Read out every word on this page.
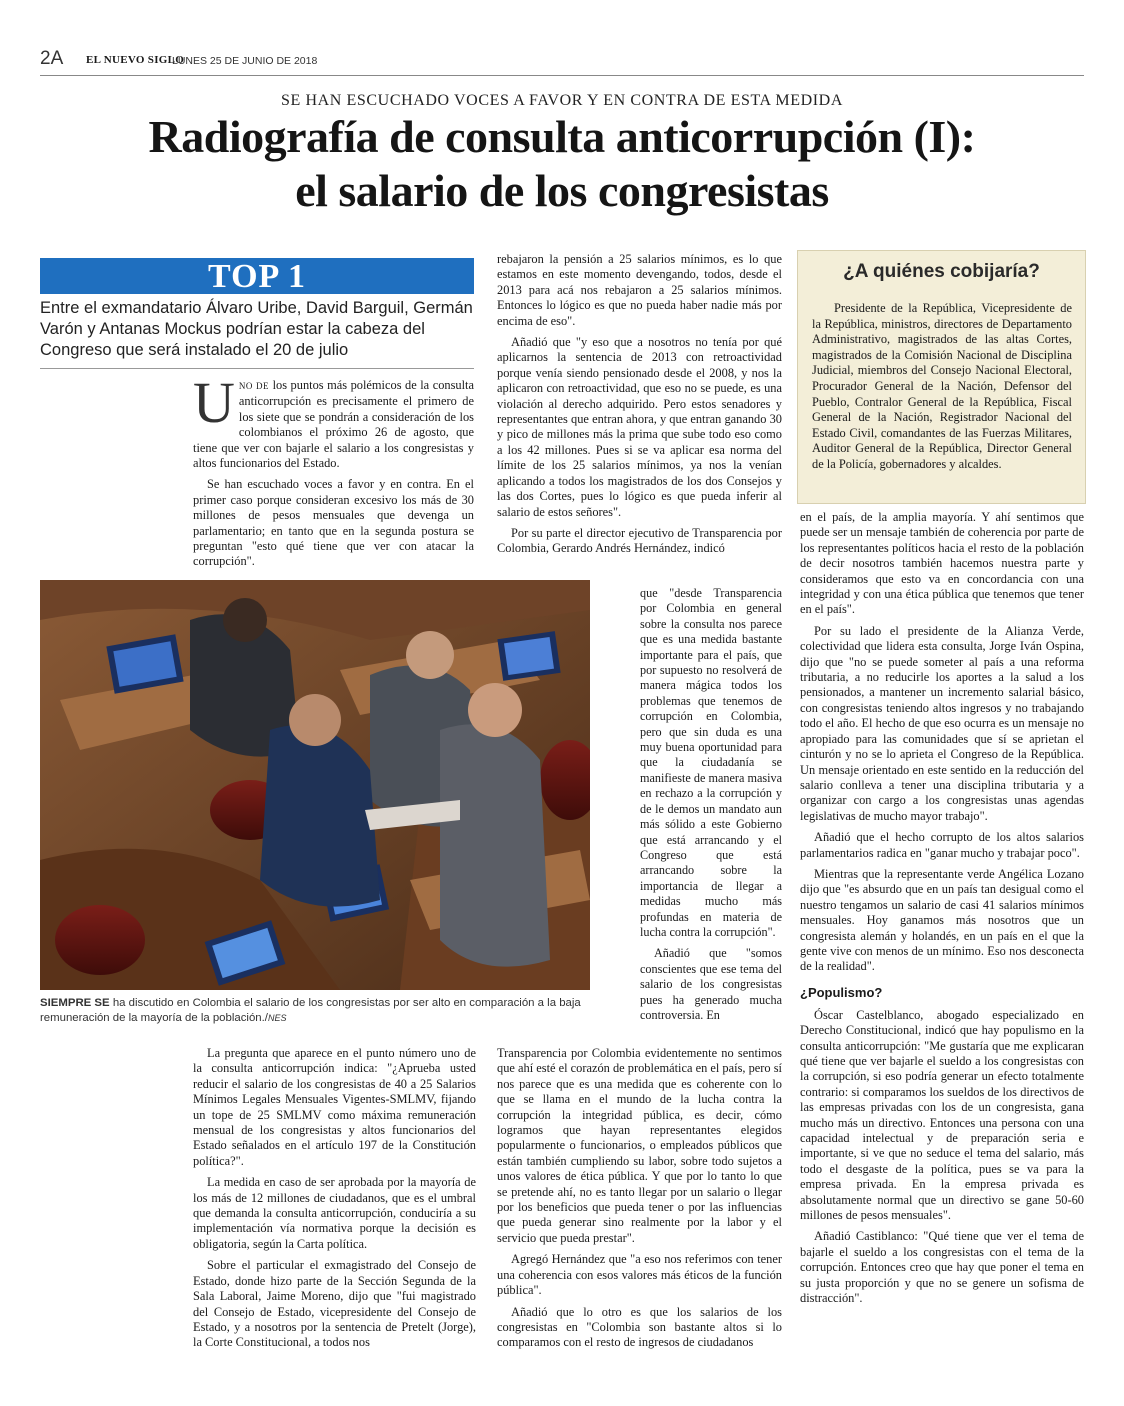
2A EL NUEVO SIGLO
LUNES 25 DE JUNIO DE 2018
SE HAN ESCUCHADO VOCES A FAVOR Y EN CONTRA DE ESTA MEDIDA
Radiografía de consulta anticorrupción (I):
el salario de los congresistas
TOP 1
Entre el exmandatario Álvaro Uribe, David Barguil, Germán Varón y Antanas Mockus podrían estar la cabeza del Congreso que será instalado el 20 de julio

UNO DE los puntos más polémicos de la consulta anticorrupción es precisamente el primero de los siete que se pondrán a consideración de los colombianos el próximo 26 de agosto, que tiene que ver con bajarle el salario a los congresistas y altos funcionarios del Estado.

Se han escuchado voces a favor y en contra. En el primer caso porque consideran excesivo los más de 30 millones de pesos mensuales que devenga un parlamentario; en tanto que en la segunda postura se preguntan "esto qué tiene que ver con atacar la corrupción".

rebajaron la pensión a 25 salarios mínimos, es lo que estamos en este momento devengando, todos, desde el 2013 para acá nos rebajaron a 25 salarios mínimos. Entonces lo lógico es que no pueda haber nadie más por encima de eso".

Añadió que "y eso que a nosotros no tenía por qué aplicarnos la sentencia de 2013 con retroactividad porque venía siendo pensionado desde el 2008, y nos la aplicaron con retroactividad, que eso no se puede, es una violación al derecho adquirido. Pero estos senadores y representantes que entran ahora, y que entran ganando 30 y pico de millones más la prima que sube todo eso como a los 42 millones. Pues si se va aplicar esa norma del límite de los 25 salarios mínimos, ya nos la venían aplicando a todos los magistrados de los dos Consejos y las dos Cortes, pues lo lógico es que pueda inferir al salario de estos señores".

Por su parte el director ejecutivo de Transparencia por Colombia, Gerardo Andrés Hernández, indicó

que "desde Transparencia por Colombia en general sobre la consulta nos parece que es una medida bastante importante para el país, que por supuesto no resolverá de manera mágica todos los problemas que tenemos de corrupción en Colombia, pero que sin duda es una muy buena oportunidad para que la ciudadanía se manifieste de manera masiva en rechazo a la corrupción y de le demos un mandato aun más sólido a este Gobierno que está arrancando y el Congreso que está arrancando sobre la importancia de llegar a medidas mucho más profundas en materia de lucha contra la corrupción".

Añadió que "somos conscientes que ese tema del salario de los congresistas pues ha generado mucha controversia. En

¿A quiénes cobijaría?
Presidente de la República, Vicepresidente de la República, ministros, directores de Departamento Administrativo, magistrados de las altas Cortes, magistrados de la Comisión Nacional de Disciplina Judicial, miembros del Consejo Nacional Electoral, Procurador General de la Nación, Defensor del Pueblo, Contralor General de la República, Fiscal General de la Nación, Registrador Nacional del Estado Civil, comandantes de las Fuerzas Militares, Auditor General de la República, Director General de la Policía, gobernadores y alcaldes.

en el país, de la amplia mayoría. Y ahí sentimos que puede ser un mensaje también de coherencia por parte de los representantes políticos hacia el resto de la población de decir nosotros también hacemos nuestra parte y consideramos que esto va en concordancia con una integridad y con una ética pública que tenemos que tener en el país".

Por su lado el presidente de la Alianza Verde, colectividad que lidera esta consulta, Jorge Iván Ospina, dijo que "no se puede someter al país a una reforma tributaria, a no reducirle los aportes a la salud a los pensionados, a mantener un incremento salarial básico, con congresistas teniendo altos ingresos y no trabajando todo el año. El hecho de que eso ocurra es un mensaje no apropiado para las comunidades que sí se aprietan el cinturón y no se lo aprieta el Congreso de la República. Un mensaje orientado en este sentido en la reducción del salario conlleva a tener una disciplina tributaria y a organizar con cargo a los congresistas unas agendas legislativas de mucho mayor trabajo".

Añadió que el hecho corrupto de los altos salarios parlamentarios radica en "ganar mucho y trabajar poco".

Mientras que la representante verde Angélica Lozano dijo que "es absurdo que en un país tan desigual como el nuestro tengamos un salario de casi 41 salarios mínimos mensuales. Hoy ganamos más nosotros que un congresista alemán y holandés, en un país en el que la gente vive con menos de un mínimo. Eso nos desconecta de la realidad".

¿Populismo?

Óscar Castelblanco, abogado especializado en Derecho Constitucional, indicó que hay populismo en la consulta anticorrupción: "Me gustaría que me explicaran qué tiene que ver bajarle el sueldo a los congresistas con la corrupción, si eso podría generar un efecto totalmente contrario: si comparamos los sueldos de los directivos de las empresas privadas con los de un congresista, gana mucho más un directivo. Entonces una persona con una capacidad intelectual y de preparación seria e importante, si ve que no seduce el tema del salario, más todo el desgaste de la política, pues se va para la empresa privada. En la empresa privada es absolutamente normal que un directivo se gane 50-60 millones de pesos mensuales".

Añadió Castiblanco: "Qué tiene que ver el tema de bajarle el sueldo a los congresistas con el tema de la corrupción. Entonces creo que hay que poner el tema en su justa proporción y que no se genere un sofisma de distracción".

SIEMPRE SE ha discutido en Colombia el salario de los congresistas por ser alto en comparación a la baja remuneración de la mayoría de la población./NES

La pregunta que aparece en el punto número uno de la consulta anticorrupción indica: "¿Aprueba usted reducir el salario de los congresistas de 40 a 25 Salarios Mínimos Legales Mensuales Vigentes-SMLMV, fijando un tope de 25 SMLMV como máxima remuneración mensual de los congresistas y altos funcionarios del Estado señalados en el artículo 197 de la Constitución política?".

La medida en caso de ser aprobada por la mayoría de los más de 12 millones de ciudadanos, que es el umbral que demanda la consulta anticorrupción, conduciría a su implementación vía normativa porque la decisión es obligatoria, según la Carta política.

Sobre el particular el exmagistrado del Consejo de Estado, donde hizo parte de la Sección Segunda de la Sala Laboral, Jaime Moreno, dijo que "fui magistrado del Consejo de Estado, vicepresidente del Consejo de Estado, y a nosotros por la sentencia de Pretelt (Jorge), la Corte Constitucional, a todos nos

Transparencia por Colombia evidentemente no sentimos que ahí esté el corazón de problemática en el país, pero sí nos parece que es una medida que es coherente con lo que se llama en el mundo de la lucha contra la corrupción la integridad pública, es decir, cómo logramos que hayan representantes elegidos popularmente o funcionarios, o empleados públicos que están también cumpliendo su labor, sobre todo sujetos a unos valores de ética pública. Y que por lo tanto lo que se pretende ahí, no es tanto llegar por un salario o llegar por los beneficios que pueda tener o por las influencias que pueda generar sino realmente por la labor y el servicio que pueda prestar".

Agregó Hernández que "a eso nos referimos con tener una coherencia con esos valores más éticos de la función pública".

Añadió que lo otro es que los salarios de los congresistas en "Colombia son bastante altos si lo comparamos con el resto de ingresos de ciudadanos
